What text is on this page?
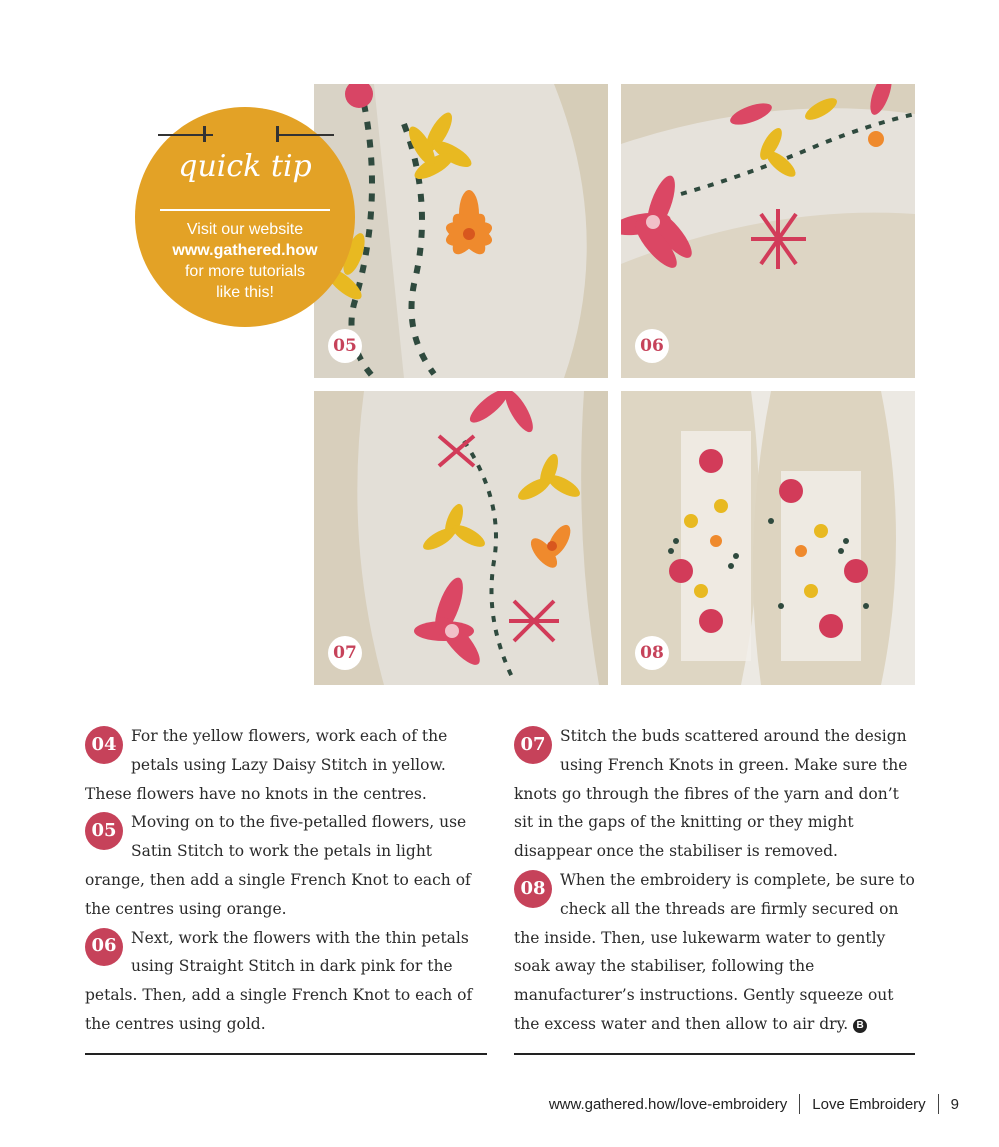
05	06
07	08
quick tip
Visit our website
www.gathered.how
for more tutorials
like this!
04 For the yellow flowers, work each of the petals using Lazy Daisy Stitch in yellow. These flowers have no knots in the centres.
05 Moving on to the five-petalled flowers, use Satin Stitch to work the petals in light orange, then add a single French Knot to each of the centres using orange.
06 Next, work the flowers with the thin petals using Straight Stitch in dark pink for the petals. Then, add a single French Knot to each of the centres using gold.
07 Stitch the buds scattered around the design using French Knots in green. Make sure the knots go through the fibres of the yarn and don’t sit in the gaps of the knitting or they might disappear once the stabiliser is removed.
08 When the embroidery is complete, be sure to check all the threads are firmly secured on the inside. Then, use lukewarm water to gently soak away the stabiliser, following the manufacturer’s instructions. Gently squeeze out the excess water and then allow to air dry. B
www.gathered.how/love-embroidery Love Embroidery 9
